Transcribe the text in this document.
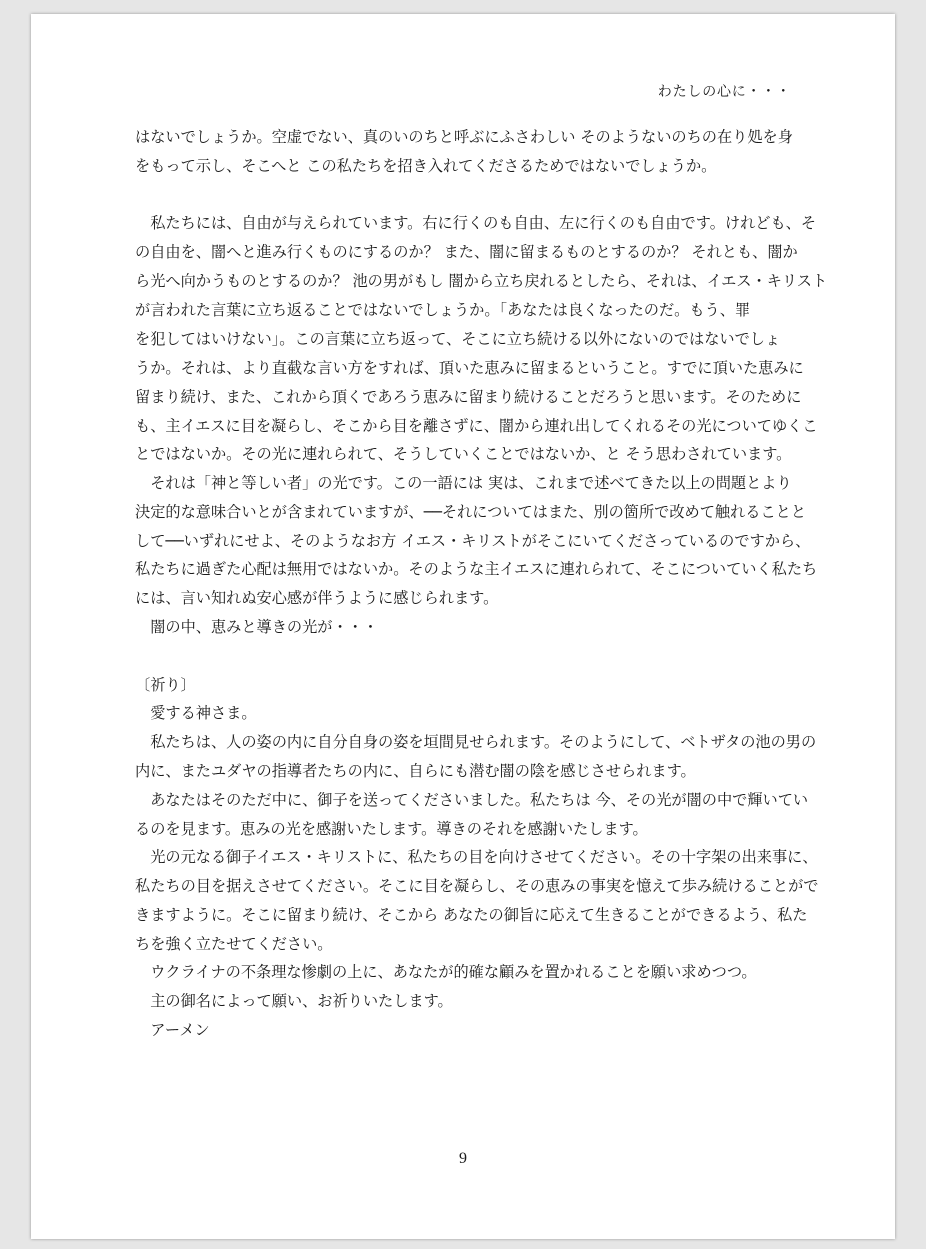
わたしの心に・・・
はないでしょうか。空虚でない、真のいのちと呼ぶにふさわしい そのようないのちの在り処を身
をもって示し、そこへと この私たちを招き入れてくださるためではないでしょうか。
　私たちには、自由が与えられています。右に行くのも自由、左に行くのも自由です。けれども、そ
の自由を、闇へと進み行くものにするのか？ また、闇に留まるものとするのか？ それとも、闇か
ら光へ向かうものとするのか？ 池の男がもし 闇から立ち戻れるとしたら、それは、イエス・キリスト
が言われた言葉に立ち返ることではないでしょうか。「あなたは良くなったのだ。もう、罪
を犯してはいけない」。この言葉に立ち返って、そこに立ち続ける以外にないのではないでしょ
うか。それは、より直截な言い方をすれば、頂いた恵みに留まるということ。すでに頂いた恵みに
留まり続け、また、これから頂くであろう恵みに留まり続けることだろうと思います。そのために
も、主イエスに目を凝らし、そこから目を離さずに、闇から連れ出してくれるその光についてゆくこ
とではないか。その光に連れられて、そうしていくことではないか、と そう思わされています。
　それは「神と等しい者」の光です。この一語には 実は、これまで述べてきた以上の問題とより
決定的な意味合いとが含まれていますが、──それについてはまた、別の箇所で改めて触れることと
して──いずれにせよ、そのようなお方 イエス・キリストがそこにいてくださっているのですから、
私たちに過ぎた心配は無用ではないか。そのような主イエスに連れられて、そこについていく私たち
には、言い知れぬ安心感が伴うように感じられます。
　闇の中、恵みと導きの光が・・・
〔祈り〕
　愛する神さま。
　私たちは、人の姿の内に自分自身の姿を垣間見せられます。そのようにして、ベトザタの池の男の
内に、またユダヤの指導者たちの内に、自らにも潜む闇の陰を感じさせられます。
　あなたはそのただ中に、御子を送ってくださいました。私たちは 今、その光が闇の中で輝いてい
るのを見ます。恵みの光を感謝いたします。導きのそれを感謝いたします。
　光の元なる御子イエス・キリストに、私たちの目を向けさせてください。その十字架の出来事に、
私たちの目を据えさせてください。そこに目を凝らし、その恵みの事実を憶えて歩み続けることがで
きますように。そこに留まり続け、そこから あなたの御旨に応えて生きることができるよう、私た
ちを強く立たせてください。
　ウクライナの不条理な惨劇の上に、あなたが的確な顧みを置かれることを願い求めつつ。
　主の御名によって願い、お祈りいたします。
　アーメン
9
